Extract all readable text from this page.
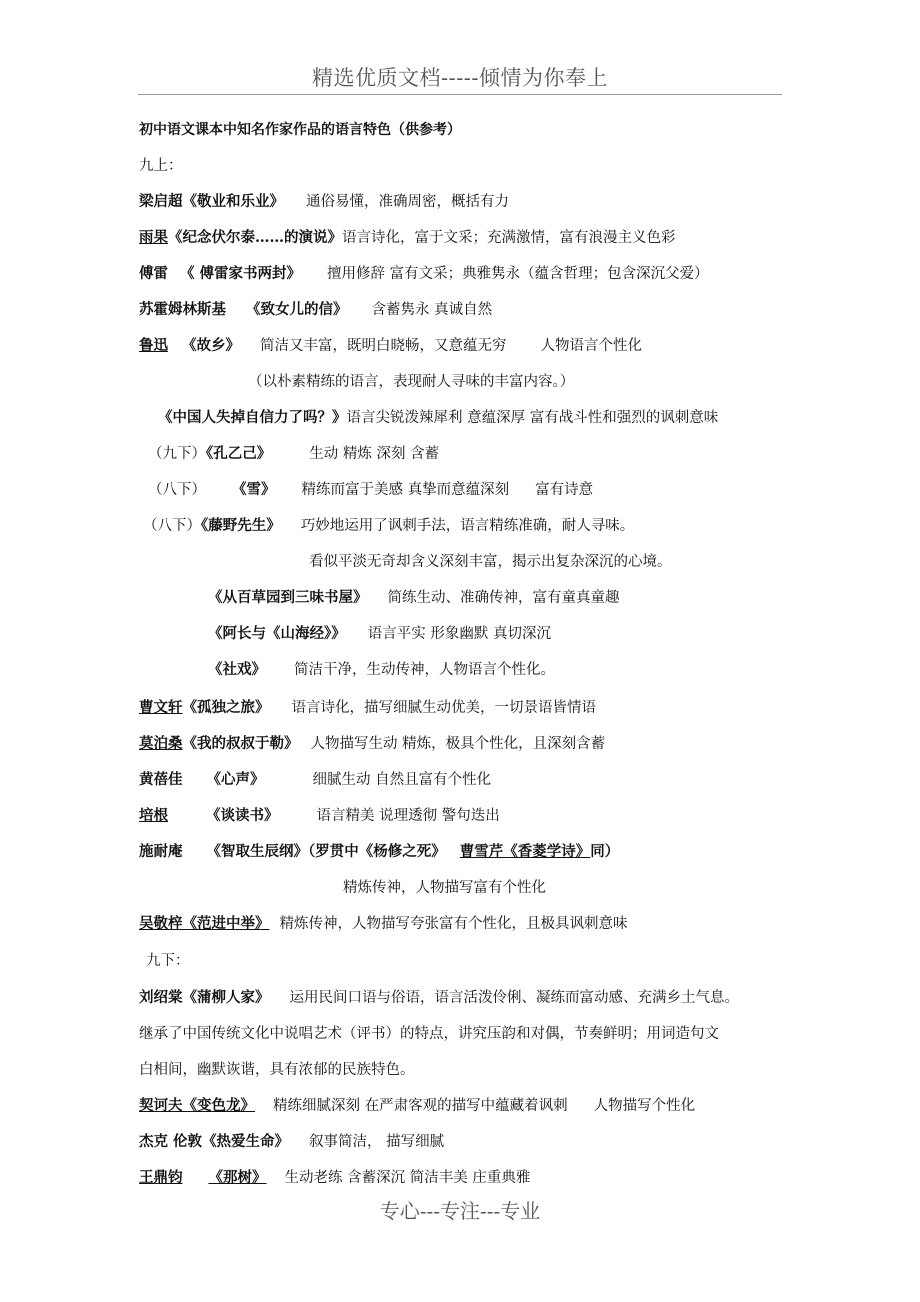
精选优质文档-----倾情为你奉上
初中语文课本中知名作家作品的语言特色（供参考）
九上：
梁启超《敬业和乐业》 通俗易懂，准确周密，概括有力
雨果《纪念伏尔泰……的演说》语言诗化，富于文采；充满激情，富有浪漫主义色彩
傅雷 《 傅雷家书两封》 擅用修辞 富有文采；典雅隽永（蕴含哲理；包含深沉父爱）
苏霍姆林斯基 《致女儿的信》 含蓄隽永 真诚自然
鲁迅 《故乡》 简洁又丰富，既明白晓畅，又意蕴无穷 人物语言个性化
（以朴素精练的语言，表现耐人寻味的丰富内容。）
《中国人失掉自信力了吗？》语言尖锐泼辣犀利 意蕴深厚 富有战斗性和强烈的讽刺意味
（九下）《孔乙己》	生动 精炼 深刻 含蓄
（八下） 《雪》 精练而富于美感 真挚而意蕴深刻 富有诗意
（八下）《藤野先生》 巧妙地运用了讽刺手法，语言精练准确，耐人寻味。
看似平淡无奇却含义深刻丰富，揭示出复杂深沉的心境。
《从百草园到三味书屋》 简练生动、准确传神，富有童真童趣
《阿长与《山海经》》 语言平实 形象幽默 真切深沉
《社戏》 简洁干净，生动传神，人物语言个性化。
曹文轩《孤独之旅》 语言诗化，描写细腻生动优美，一切景语皆情语
莫泊桑《我的叔叔于勒》 人物描写生动 精炼，极具个性化，且深刻含蓄
黄蓓佳 《心声》	细腻生动 自然且富有个性化
培根	《谈读书》	语言精美 说理透彻 警句迭出
施耐庵 《智取生辰纲》（罗贯中《杨修之死》 曹雪芹《香菱学诗》同）
精炼传神，人物描写富有个性化
吴敬梓《范进中举》 精炼传神，人物描写夸张富有个性化，且极具讽刺意味
九下：
刘绍棠《蒲柳人家》 运用民间口语与俗语，语言活泼伶俐、凝练而富动感、充满乡土气息。
继承了中国传统文化中说唱艺术（评书）的特点，讲究压韵和对偶，节奏鲜明；用词造句文
白相间，幽默诙谐，具有浓郁的民族特色。
契诃夫《变色龙》 精练细腻深刻 在严肃客观的描写中蕴藏着讽刺 人物描写个性化
杰克 伦敦《热爱生命》 叙事简洁， 描写细腻
王鼎钧 《那树》 生动老练 含蓄深沉 简洁丰美 庄重典雅
专心---专注---专业
